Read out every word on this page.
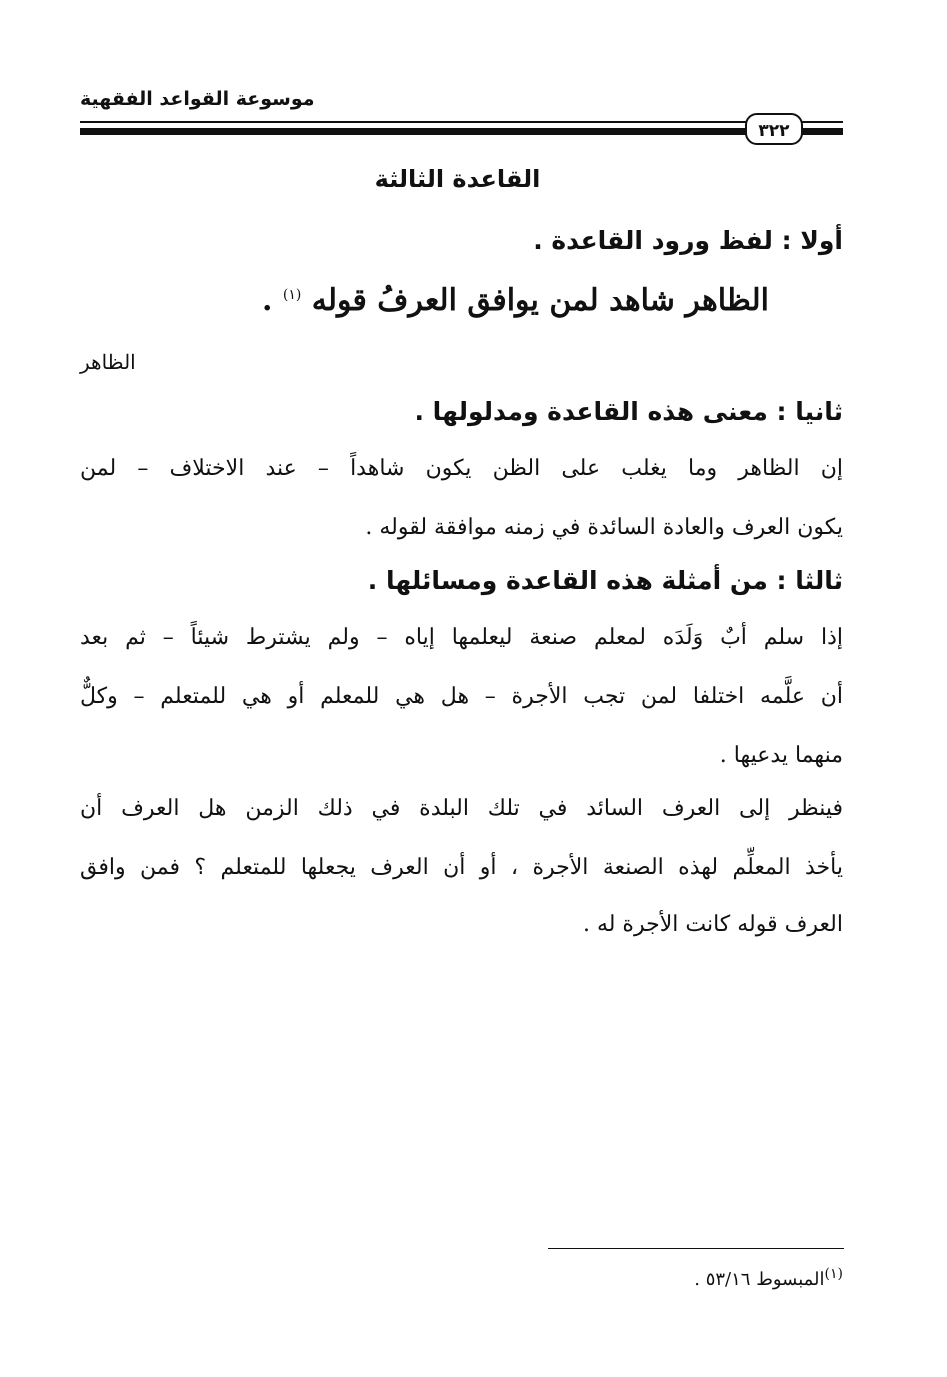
موسوعة القواعد الفقهية
٣٢٢
القاعدة الثالثة
أولا : لفظ ورود القاعدة .
الظاهر شاهد لمن يوافق العرفُ قوله $^{(١)}$ .
الظاهر
ثانيا : معنى هذه القاعدة ومدلولها .
إن الظاهر وما يغلب على الظن يكون شاهداً – عند الاختلاف – لمن
يكون العرف والعادة السائدة في زمنه موافقة لقوله .
ثالثا : من أمثلة هذه القاعدة ومسائلها .
إذا سلم أبٌ وَلَدَه لمعلم صنعة ليعلمها إياه – ولم يشترط شيئاً – ثم بعد
أن علَّمه اختلفا لمن تجب الأجرة – هل هي للمعلم أو هي للمتعلم – وكلٌّ
منهما يدعيها .
فينظر إلى العرف السائد في تلك البلدة في ذلك الزمن هل العرف أن
يأخذ المعلِّم لهذه الصنعة الأجرة ، أو أن العرف يجعلها للمتعلم ؟ فمن وافق
العرف قوله كانت الأجرة له .
$^{(١)}$المبسوط ٥٣/١٦ .
